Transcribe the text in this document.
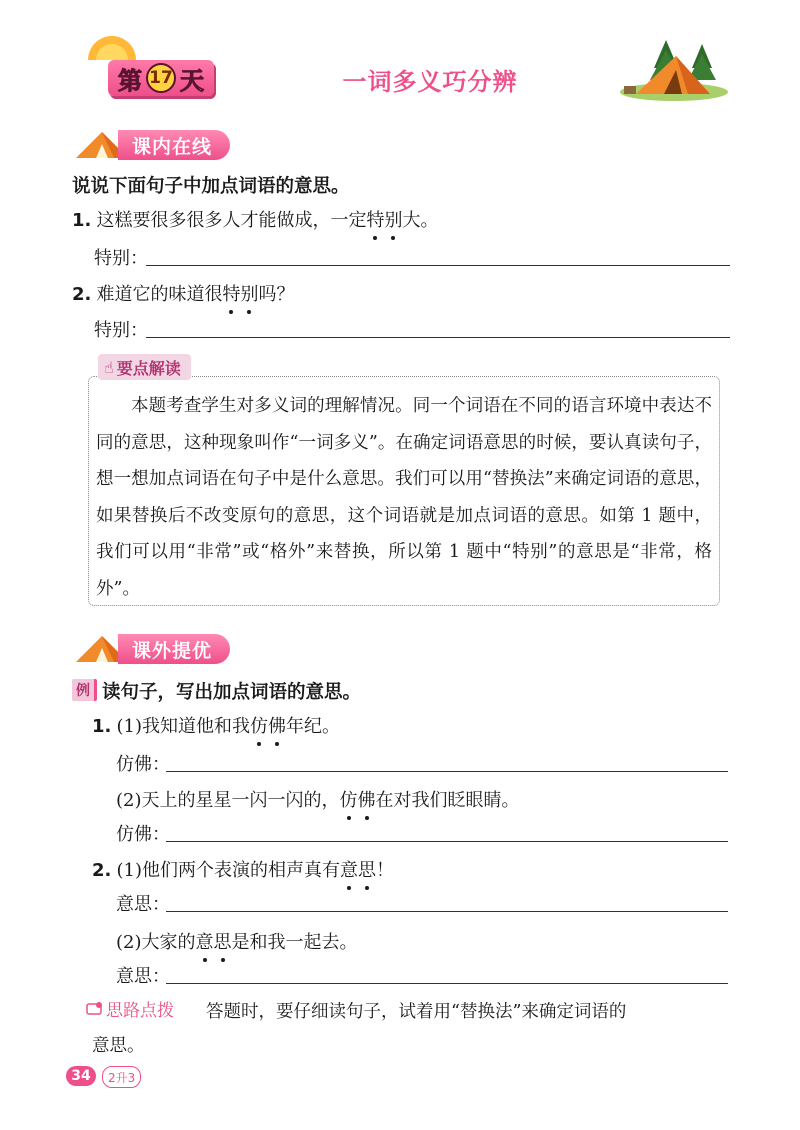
第 17 天	一词多义巧分辨
课内在线
说说下面句子中加点词语的意思。
1. 这糕要很多很多人才能做成，一定特别大。
特别：
2. 难道它的味道很特别吗？
特别：
☝ 要点解读
本题考查学生对多义词的理解情况。同一个词语在不同的语言环境中表达不同的意思，这种现象叫作“一词多义”。在确定词语意思的时候，要认真读句子，想一想加点词语在句子中是什么意思。我们可以用“替换法”来确定词语的意思，如果替换后不改变原句的意思，这个词语就是加点词语的意思。如第 1 题中，我们可以用“非常”或“格外”来替换，所以第 1 题中“特别”的意思是“非常，格外”。
课外提优
例 读句子，写出加点词语的意思。
1. (1)我知道他和我仿佛年纪。
仿佛：
(2)天上的星星一闪一闪的，仿佛在对我们眨眼睛。
仿佛：
2. (1)他们两个表演的相声真有意思！
意思：
(2)大家的意思是和我一起去。
意思：
思路点拨 答题时，要仔细读句子，试着用“替换法”来确定词语的
意思。
34	2升3
